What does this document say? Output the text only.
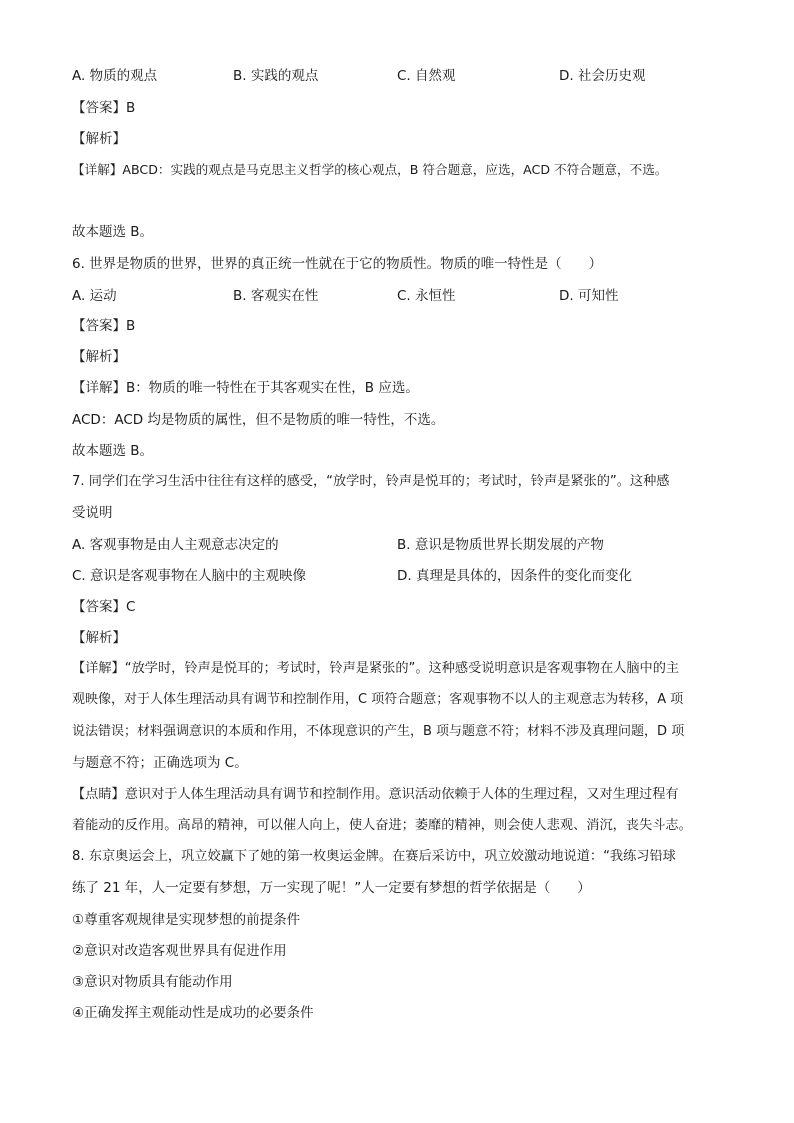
A. 物质的观点	B. 实践的观点	C. 自然观	D. 社会历史观
【答案】B
【解析】
【详解】ABCD：实践的观点是马克思主义哲学的核心观点，B 符合题意，应选，ACD 不符合题意，不选。
故本题选 B。
6. 世界是物质的世界，世界的真正统一性就在于它的物质性。物质的唯一特性是（　　）
A. 运动	B. 客观实在性	C. 永恒性	D. 可知性
【答案】B
【解析】
【详解】B：物质的唯一特性在于其客观实在性，B 应选。
ACD：ACD 均是物质的属性，但不是物质的唯一特性，不选。
故本题选 B。
7. 同学们在学习生活中往往有这样的感受，“放学时，铃声是悦耳的；考试时，铃声是紧张的”。这种感
受说明
A. 客观事物是由人主观意志决定的	B. 意识是物质世界长期发展的产物
C. 意识是客观事物在人脑中的主观映像	D. 真理是具体的，因条件的变化而变化
【答案】C
【解析】
【详解】“放学时，铃声是悦耳的；考试时，铃声是紧张的”。这种感受说明意识是客观事物在人脑中的主
观映像，对于人体生理活动具有调节和控制作用，C 项符合题意；客观事物不以人的主观意志为转移，A 项
说法错误；材料强调意识的本质和作用，不体现意识的产生，B 项与题意不符；材料不涉及真理问题，D 项
与题意不符；正确选项为 C。
【点睛】意识对于人体生理活动具有调节和控制作用。意识活动依赖于人体的生理过程，又对生理过程有
着能动的反作用。高昂的精神，可以催人向上，使人奋进；萎靡的精神，则会使人悲观、消沉，丧失斗志。
8. 东京奥运会上，巩立姣赢下了她的第一枚奥运金牌。在赛后采访中，巩立姣激动地说道：“我练习铅球
练了 21 年，人一定要有梦想，万一实现了呢！”人一定要有梦想的哲学依据是（　　）
①尊重客观规律是实现梦想的前提条件
②意识对改造客观世界具有促进作用
③意识对物质具有能动作用
④正确发挥主观能动性是成功的必要条件
